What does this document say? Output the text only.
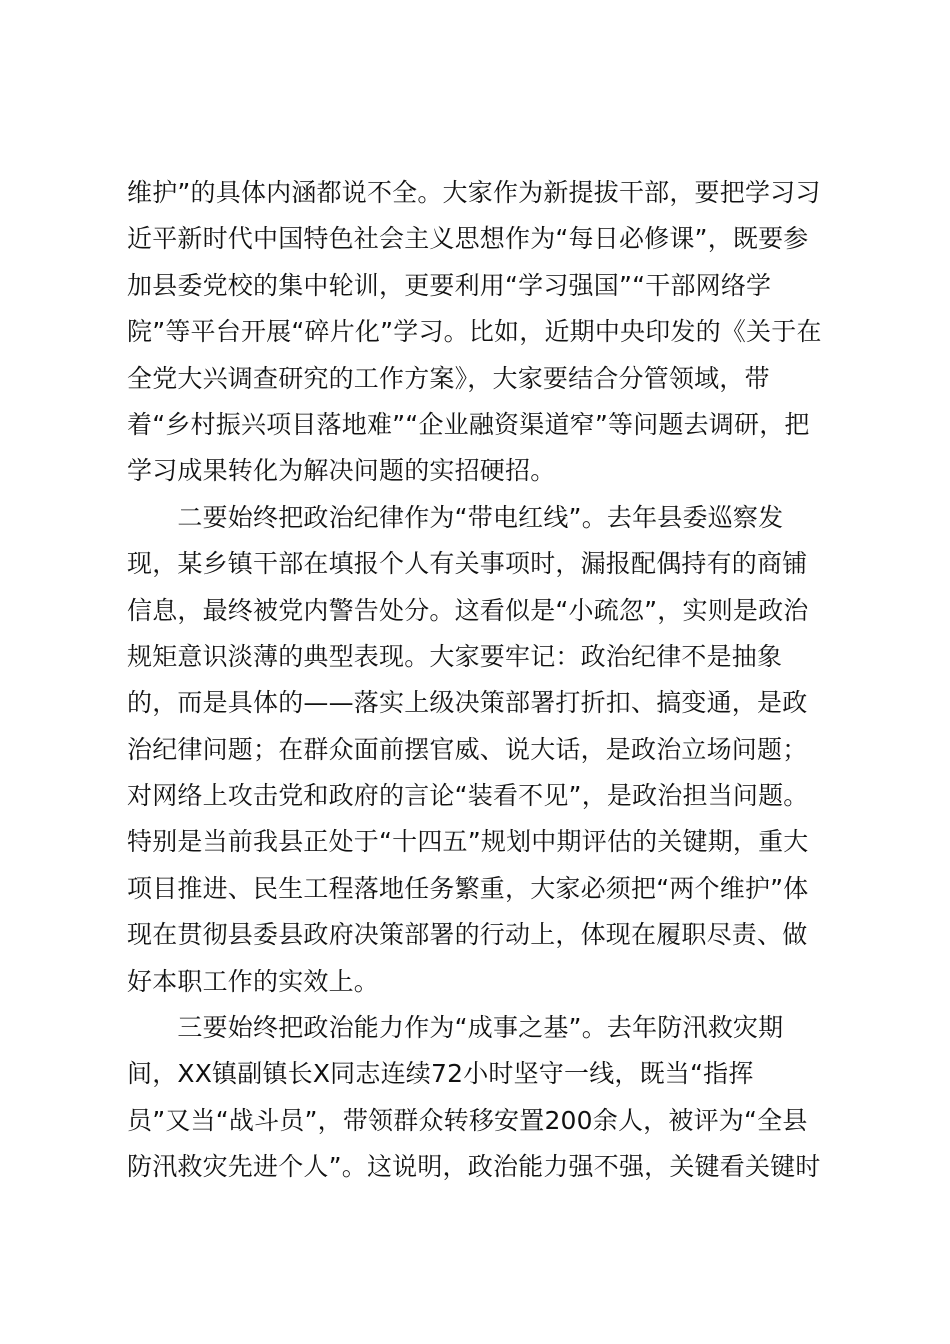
维护”的具体内涵都说不全。大家作为新提拔干部，要把学习习
近平新时代中国特色社会主义思想作为“每日必修课”，既要参
加县委党校的集中轮训，更要利用“学习强国”“干部网络学
院”等平台开展“碎片化”学习。比如，近期中央印发的《关于在
全党大兴调查研究的工作方案》，大家要结合分管领域，带
着“乡村振兴项目落地难”“企业融资渠道窄”等问题去调研，把
学习成果转化为解决问题的实招硬招。
　　二要始终把政治纪律作为“带电红线”。去年县委巡察发
现，某乡镇干部在填报个人有关事项时，漏报配偶持有的商铺
信息，最终被党内警告处分。这看似是“小疏忽”，实则是政治
规矩意识淡薄的典型表现。大家要牢记：政治纪律不是抽象
的，而是具体的——落实上级决策部署打折扣、搞变通，是政
治纪律问题；在群众面前摆官威、说大话，是政治立场问题；
对网络上攻击党和政府的言论“装看不见”，是政治担当问题。
特别是当前我县正处于“十四五”规划中期评估的关键期，重大
项目推进、民生工程落地任务繁重，大家必须把“两个维护”体
现在贯彻县委县政府决策部署的行动上，体现在履职尽责、做
好本职工作的实效上。
　　三要始终把政治能力作为“成事之基”。去年防汛救灾期
间，XX镇副镇长X同志连续72小时坚守一线，既当“指挥
员”又当“战斗员”，带领群众转移安置200余人，被评为“全县
防汛救灾先进个人”。这说明，政治能力强不强，关键看关键时
